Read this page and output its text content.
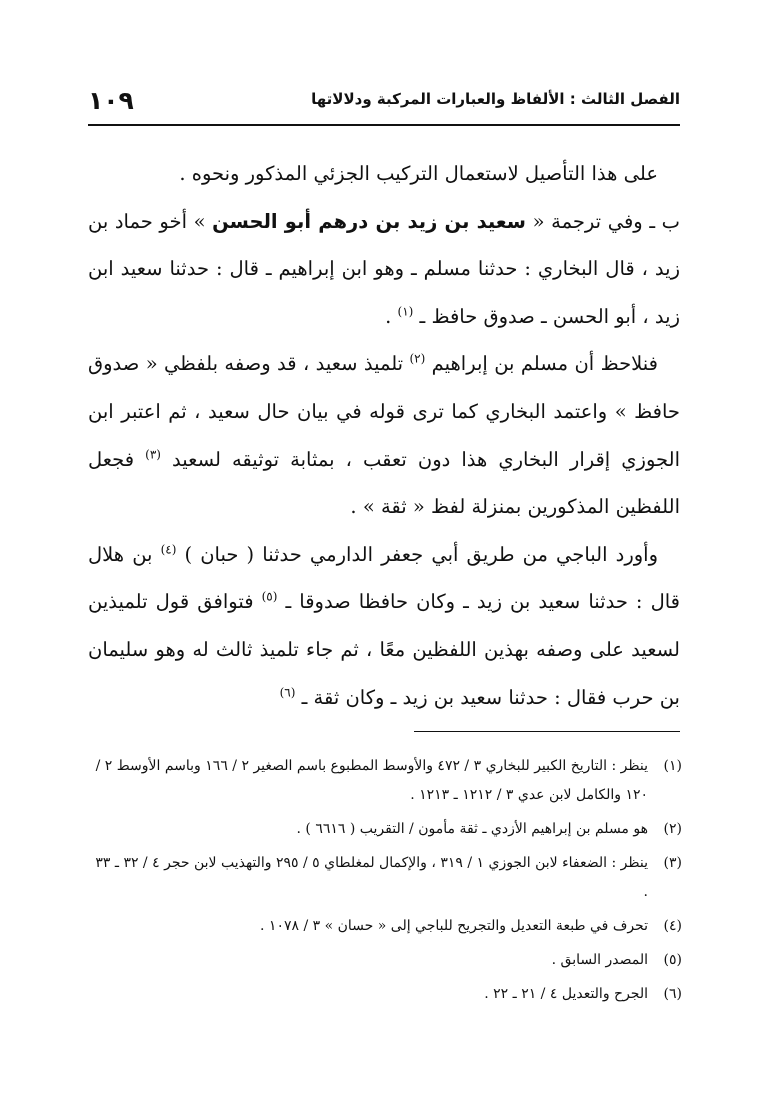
الفصل الثالث : الألفاظ والعبارات المركبة ودلالاتها
١٠٩

على هذا التأصيل لاستعمال التركيب الجزئي المذكور ونحوه .

ب ـ وفي ترجمة « سعيد بن زيد بن درهم أبو الحسن » أخو حماد بن زيد ، قال البخاري : حدثنا مسلم ـ وهو ابن إبراهيم ـ قال : حدثنا سعيد ابن زيد ، أبو الحسن ـ صدوق حافظ ـ $^{(١)}$ .

فنلاحظ أن مسلم بن إبراهيم $^{(٢)}$ تلميذ سعيد ، قد وصفه بلفظي « صدوق حافظ » واعتمد البخاري كما ترى قوله في بيان حال سعيد ، ثم اعتبر ابن الجوزي إقرار البخاري هذا دون تعقب ، بمثابة توثيقه لسعيد $^{(٣)}$ فجعل اللفظين المذكورين بمنزلة لفظ « ثقة » .

وأورد الباجي من طريق أبي جعفر الدارمي حدثنا ( حبان ) $^{(٤)}$ بن هلال قال : حدثنا سعيد بن زيد ـ وكان حافظا صدوقا ـ $^{(٥)}$ فتوافق قول تلميذين لسعيد على وصفه بهذين اللفظين معًا ، ثم جاء تلميذ ثالث له وهو سليمان بن حرب فقال : حدثنا سعيد بن زيد ـ وكان ثقة ـ $^{(٦)}$

(١)
ينظر : التاريخ الكبير للبخاري ٣ / ٤٧٢ والأوسط المطبوع باسم الصغير ٢ / ١٦٦ وباسم الأوسط ٢ / ١٢٠ والكامل لابن عدي ٣ / ١٢١٢ ـ ١٢١٣ .
(٢)
هو مسلم بن إبراهيم الأزدي ـ ثقة مأمون / التقريب ( ٦٦١٦ ) .
(٣)
ينظر : الضعفاء لابن الجوزي ١ / ٣١٩ ، والإكمال لمغلطاي ٥ / ٢٩٥ والتهذيب لابن حجر ٤ / ٣٢ ـ ٣٣ .
(٤)
تحرف في طبعة التعديل والتجريح للباجي إلى « حسان » ٣ / ١٠٧٨ .
(٥)
المصدر السابق .
(٦)
الجرح والتعديل ٤ / ٢١ ـ ٢٢ .
